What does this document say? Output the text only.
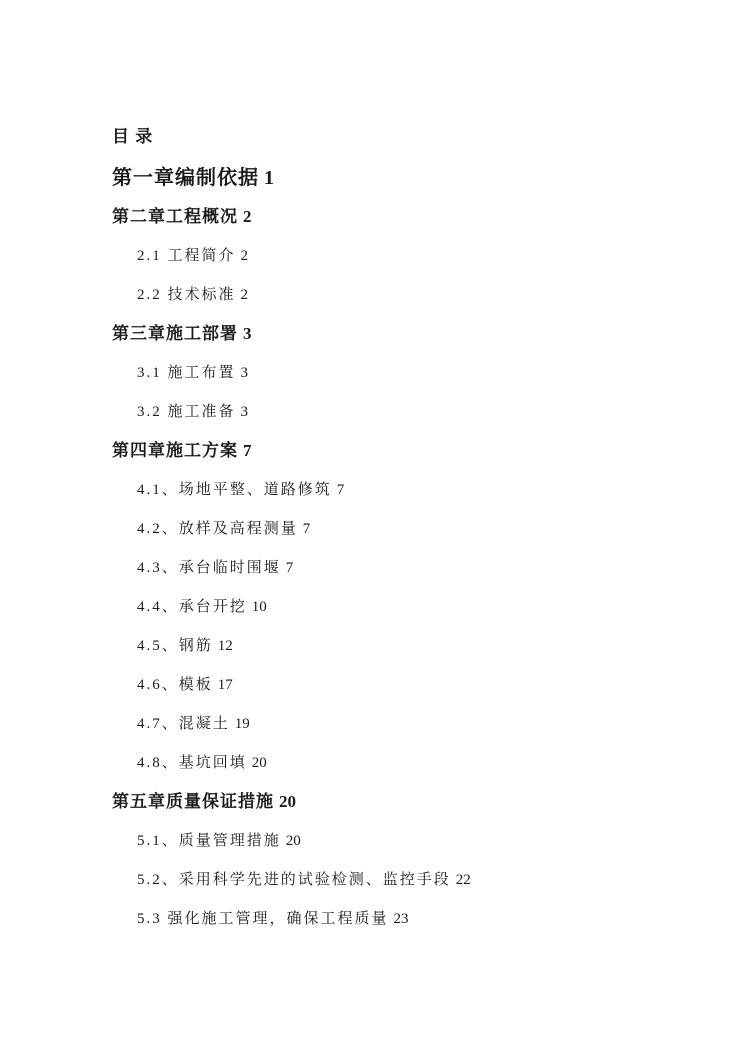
目 录
第一章编制依据 1
第二章工程概况 2
2.1 工程简介 2
2.2 技术标准 2
第三章施工部署 3
3.1 施工布置 3
3.2 施工准备 3
第四章施工方案 7
4.1、场地平整、道路修筑 7
4.2、放样及高程测量 7
4.3、承台临时围堰 7
4.4、承台开挖 10
4.5、钢筋 12
4.6、模板 17
4.7、混凝土 19
4.8、基坑回填 20
第五章质量保证措施 20
5.1、质量管理措施 20
5.2、采用科学先进的试验检测、监控手段 22
5.3 强化施工管理，确保工程质量 23
